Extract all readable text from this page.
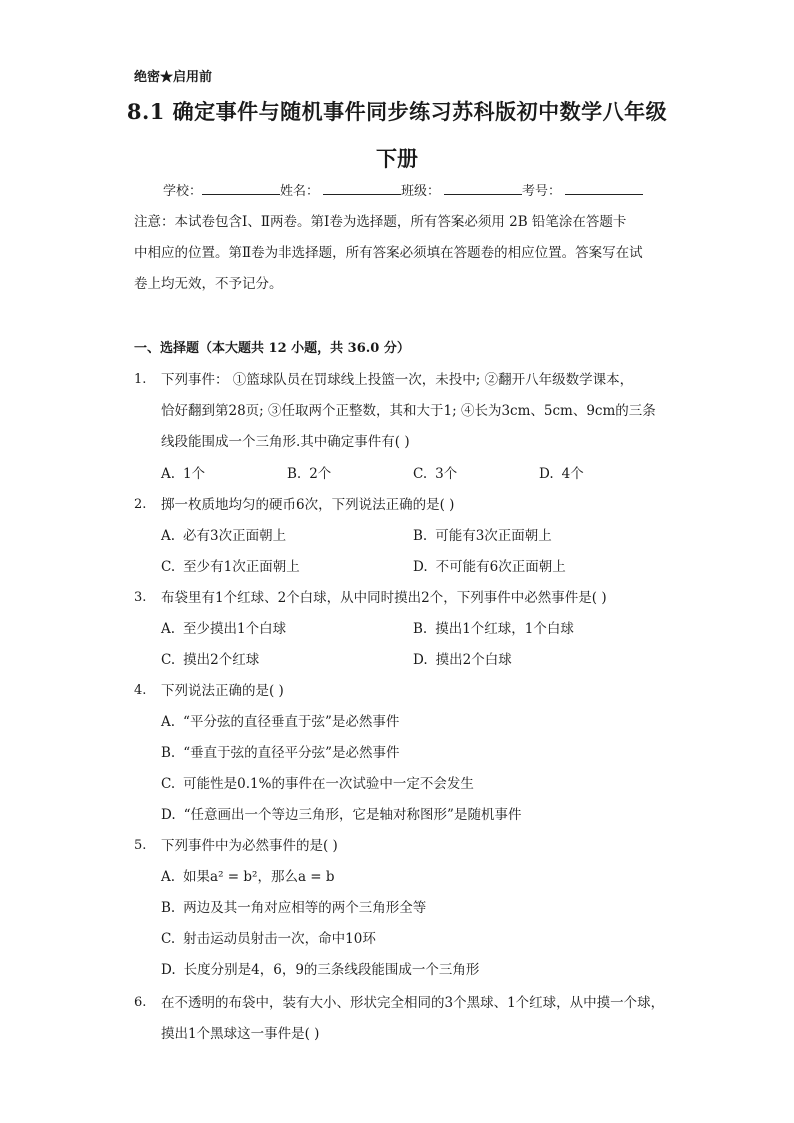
绝密★启用前
8.1 确定事件与随机事件同步练习苏科版初中数学八年级
下册
学校：	姓名：	班级：	考号：
注意：本试卷包含Ⅰ、Ⅱ两卷。第Ⅰ卷为选择题，所有答案必须用 2B 铅笔涂在答题卡
中相应的位置。第Ⅱ卷为非选择题，所有答案必须填在答题卷的相应位置。答案写在试
卷上均无效，不予记分。
一、选择题（本大题共 12 小题，共 36.0 分）
1. 下列事件： ①篮球队员在罚球线上投篮一次，未投中; ②翻开八年级数学课本，
恰好翻到第28页; ③任取两个正整数，其和大于1; ④长为3cm、5cm、9cm的三条
线段能围成一个三角形.其中确定事件有( )
A. 1个	B. 2个	C. 3个	D. 4个
2. 掷一枚质地均匀的硬币6次，下列说法正确的是( )
A. 必有3次正面朝上	B. 可能有3次正面朝上
C. 至少有1次正面朝上	D. 不可能有6次正面朝上
3. 布袋里有1个红球、2个白球，从中同时摸出2个，下列事件中必然事件是( )
A. 至少摸出1个白球	B. 摸出1个红球，1个白球
C. 摸出2个红球	D. 摸出2个白球
4. 下列说法正确的是( )
A. “平分弦的直径垂直于弦”是必然事件
B. “垂直于弦的直径平分弦”是必然事件
C. 可能性是0.1%的事件在一次试验中一定不会发生
D. “任意画出一个等边三角形，它是轴对称图形”是随机事件
5. 下列事件中为必然事件的是( )
A. 如果a² = b²，那么a = b
B. 两边及其一角对应相等的两个三角形全等
C. 射击运动员射击一次，命中10环
D. 长度分别是4，6，9的三条线段能围成一个三角形
6. 在不透明的布袋中，装有大小、形状完全相同的3个黑球、1个红球，从中摸一个球，
摸出1个黑球这一事件是( )
